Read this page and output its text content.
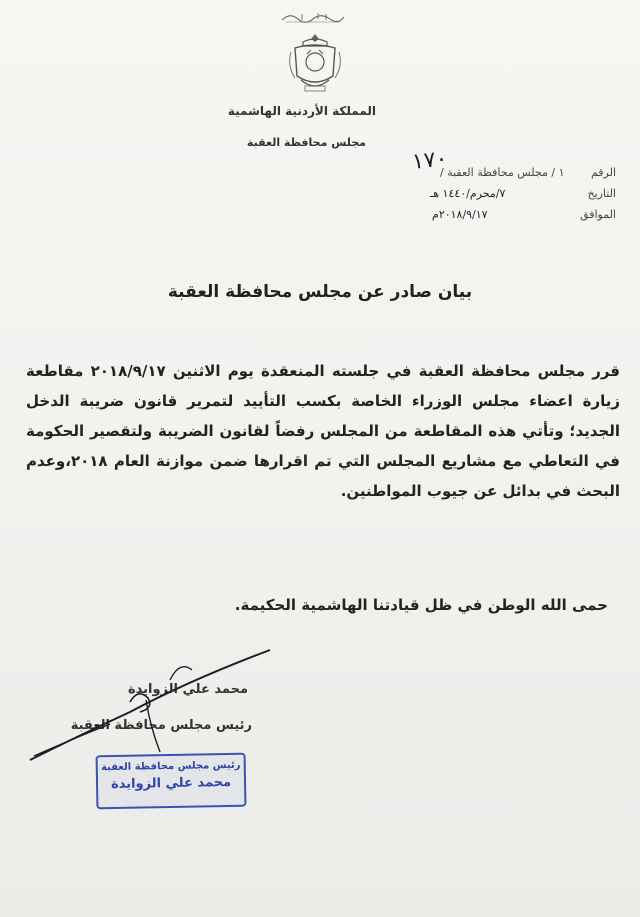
المملكة الأردنية الهاشمية
مجلس محافظة العقبة
الرقم ١ / مجلس محافظة العقبة /
التاريخ
الموافق
١٧٠
٧/محرم/١٤٤٠ هـ
٢٠١٨/٩/١٧م
بيان صادر عن مجلس محافظة العقبة

قرر مجلس محافظة العقبة في جلسته المنعقدة يوم الاثنين ٢٠١٨/٩/١٧ مقاطعة زيارة اعضاء مجلس الوزراء الخاصة بكسب التأييد لتمرير قانون ضريبة الدخل الجديد؛ وتأتي هذه المقاطعة من المجلس رفضاً لقانون الضريبة ولتقصير الحكومة في التعاطي مع مشاريع المجلس التي تم اقرارها ضمن موازنة العام ٢٠١٨،وعدم البحث في بدائل عن جيوب المواطنين.

حمى الله الوطن في ظل قيادتنا الهاشمية الحكيمة.
محمد علي الزوايدة
رئيس مجلس محافظة العقبة
رئيس مجلس محافظة العقبة
محمد علي الزوايدة
